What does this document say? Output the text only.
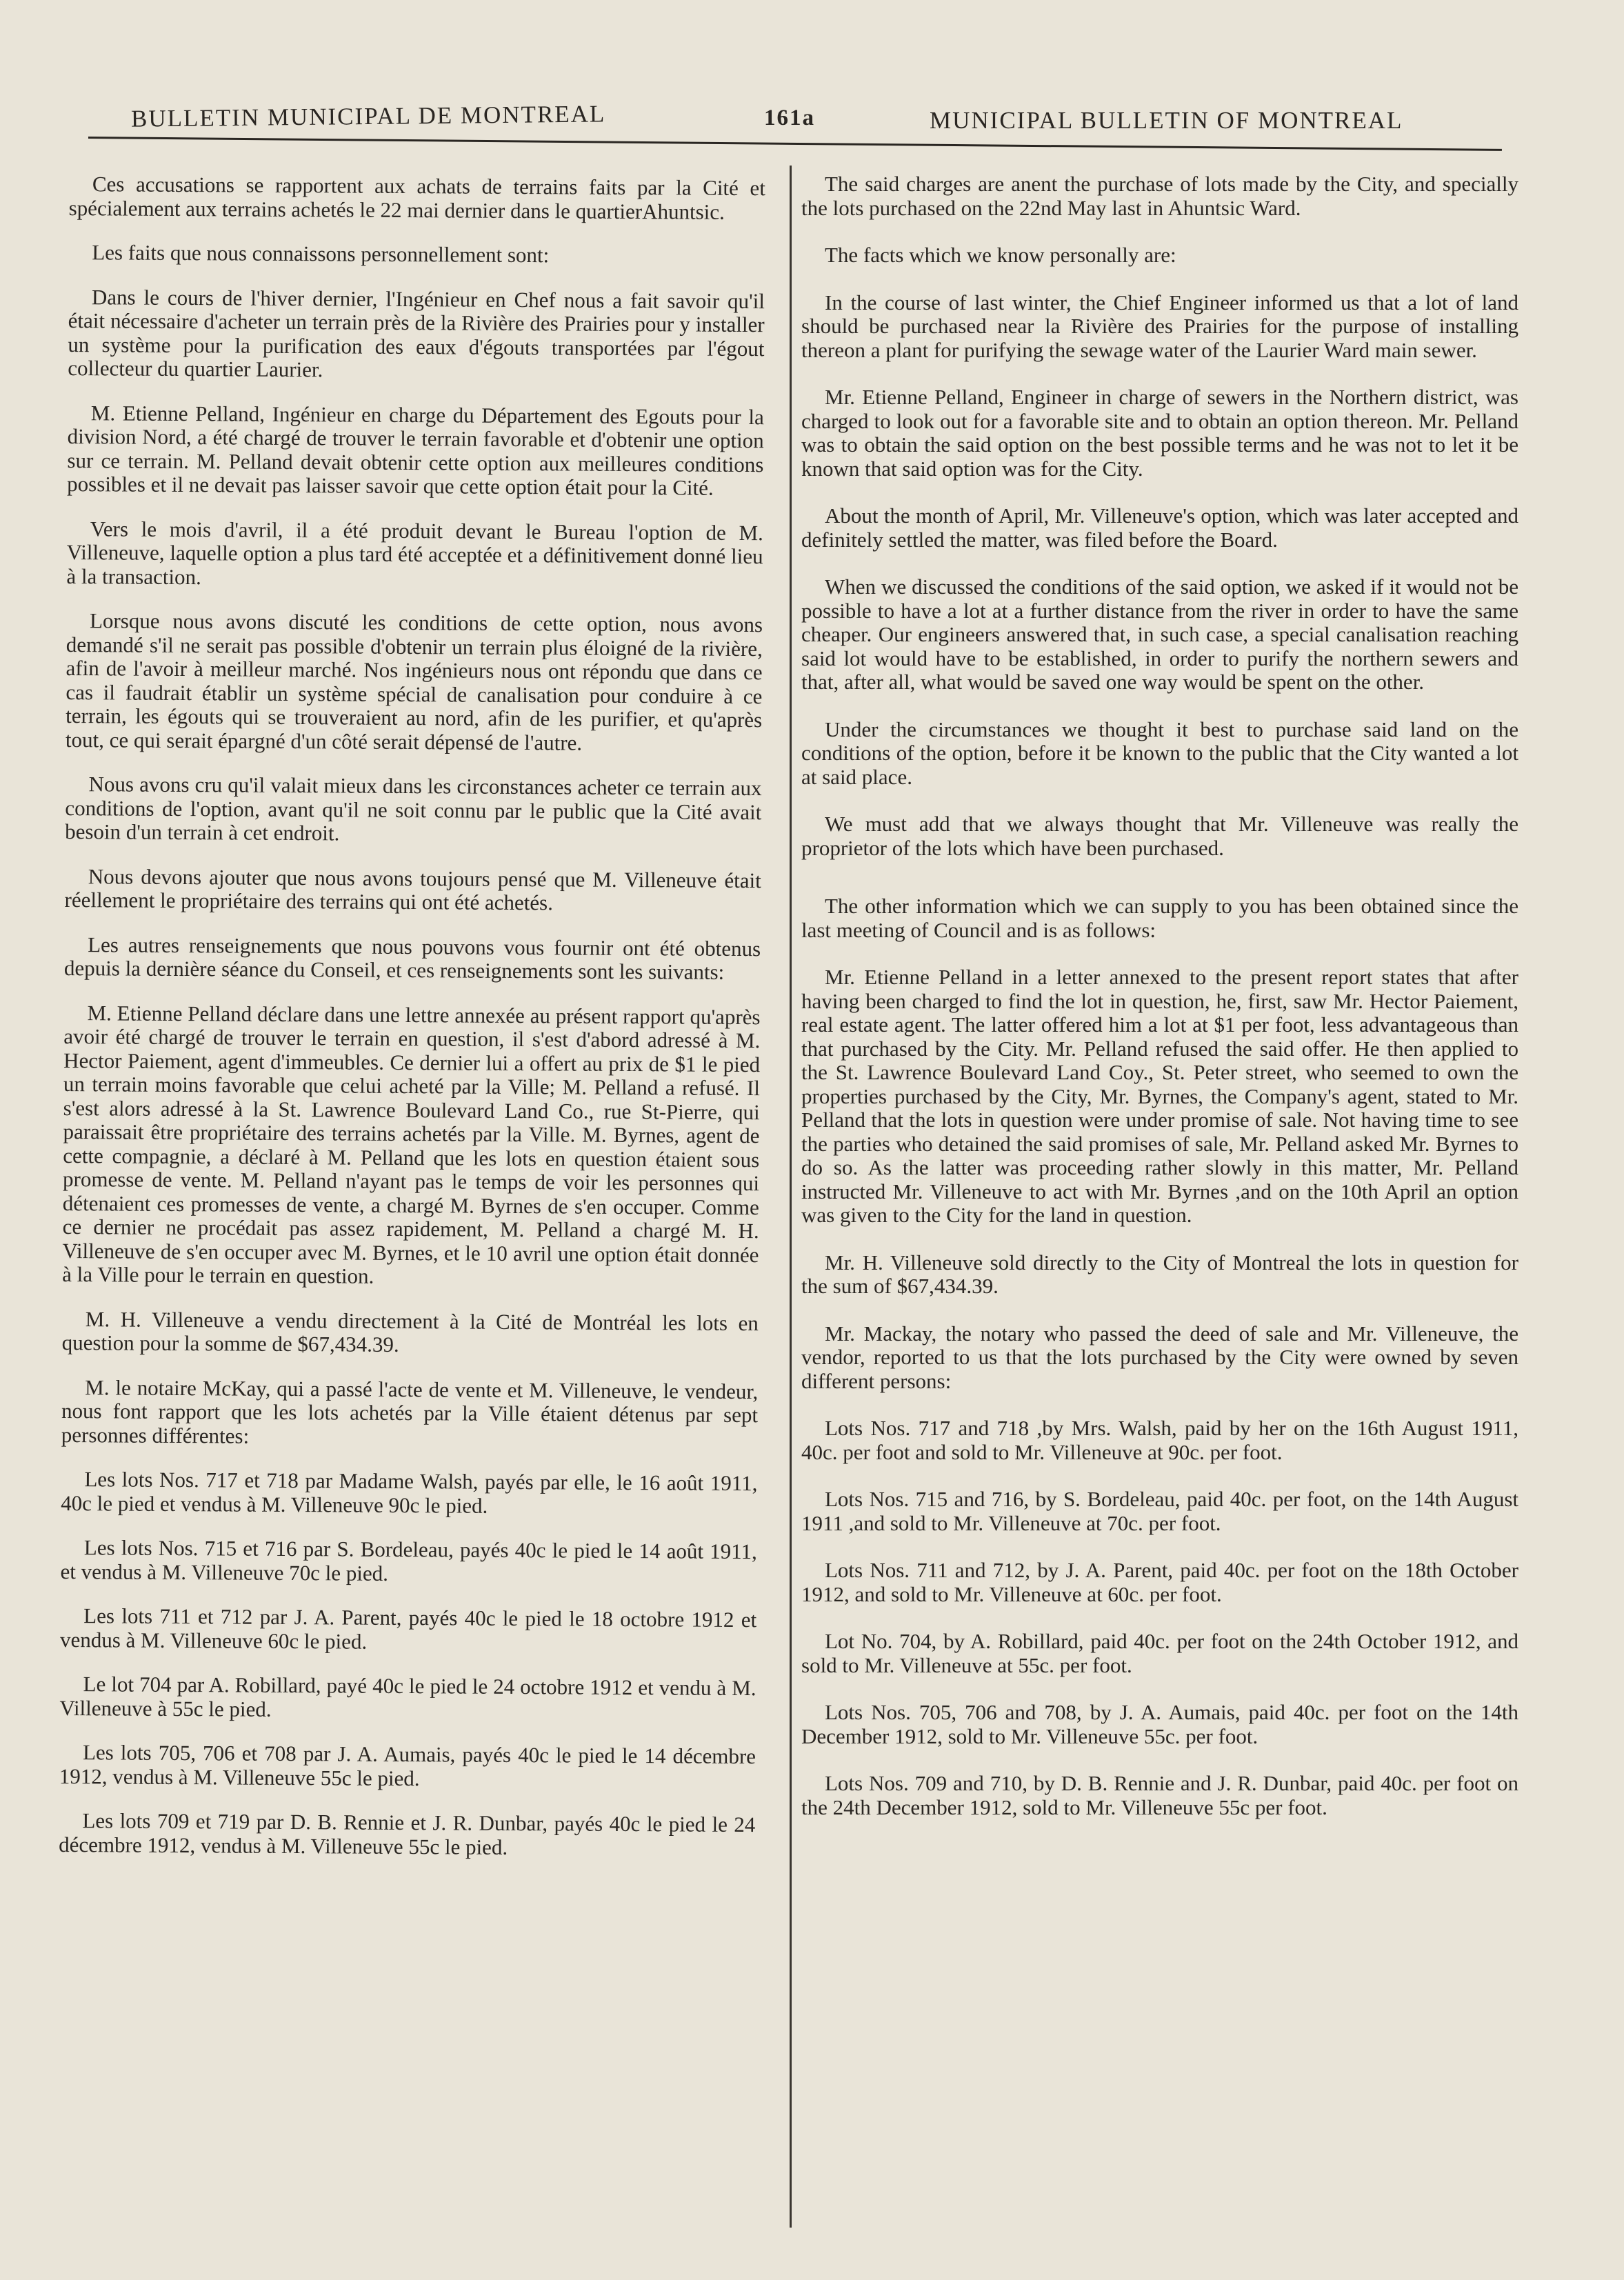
BULLETIN MUNICIPAL DE MONTREAL	161a	MUNICIPAL BULLETIN OF MONTREAL

Ces accusations se rapportent aux achats de terrains faits par la Cité et spécialement aux terrains achetés le 22 mai dernier dans le quartierAhuntsic.

Les faits que nous connaissons personnellement sont:

Dans le cours de l'hiver dernier, l'Ingénieur en Chef nous a fait savoir qu'il était nécessaire d'acheter un terrain près de la Rivière des Prairies pour y installer un système pour la purification des eaux d'égouts transportées par l'égout collecteur du quartier Laurier.

M. Etienne Pelland, Ingénieur en charge du Département des Egouts pour la division Nord, a été chargé de trouver le terrain favorable et d'obtenir une option sur ce terrain. M. Pelland devait obtenir cette option aux meilleures conditions possibles et il ne devait pas laisser savoir que cette option était pour la Cité.

Vers le mois d'avril, il a été produit devant le Bureau l'option de M. Villeneuve, laquelle option a plus tard été acceptée et a définitivement donné lieu à la transaction.

Lorsque nous avons discuté les conditions de cette option, nous avons demandé s'il ne serait pas possible d'obtenir un terrain plus éloigné de la rivière, afin de l'avoir à meilleur marché. Nos ingénieurs nous ont répondu que dans ce cas il faudrait établir un système spécial de canalisation pour conduire à ce terrain, les égouts qui se trouveraient au nord, afin de les purifier, et qu'après tout, ce qui serait épargné d'un côté serait dépensé de l'autre.

Nous avons cru qu'il valait mieux dans les circonstances acheter ce terrain aux conditions de l'option, avant qu'il ne soit connu par le public que la Cité avait besoin d'un terrain à cet endroit.

Nous devons ajouter que nous avons toujours pensé que M. Villeneuve était réellement le propriétaire des terrains qui ont été achetés.

Les autres renseignements que nous pouvons vous fournir ont été obtenus depuis la dernière séance du Conseil, et ces renseignements sont les suivants:

M. Etienne Pelland déclare dans une lettre annexée au présent rapport qu'après avoir été chargé de trouver le terrain en question, il s'est d'abord adressé à M. Hector Paiement, agent d'immeubles. Ce dernier lui a offert au prix de $1 le pied un terrain moins favorable que celui acheté par la Ville; M. Pelland a refusé. Il s'est alors adressé à la St. Lawrence Boulevard Land Co., rue St-Pierre, qui paraissait être propriétaire des terrains achetés par la Ville. M. Byrnes, agent de cette compagnie, a déclaré à M. Pelland que les lots en question étaient sous promesse de vente. M. Pelland n'ayant pas le temps de voir les personnes qui détenaient ces promesses de vente, a chargé M. Byrnes de s'en occuper. Comme ce dernier ne procédait pas assez rapidement, M. Pelland a chargé M. H. Villeneuve de s'en occuper avec M. Byrnes, et le 10 avril une option était donnée à la Ville pour le terrain en question.

M. H. Villeneuve a vendu directement à la Cité de Montréal les lots en question pour la somme de $67,434.39.

M. le notaire McKay, qui a passé l'acte de vente et M. Villeneuve, le vendeur, nous font rapport que les lots achetés par la Ville étaient détenus par sept personnes différentes:

Les lots Nos. 717 et 718 par Madame Walsh, payés par elle, le 16 août 1911, 40c le pied et vendus à M. Villeneuve 90c le pied.

Les lots Nos. 715 et 716 par S. Bordeleau, payés 40c le pied le 14 août 1911, et vendus à M. Villeneuve 70c le pied.

Les lots 711 et 712 par J. A. Parent, payés 40c le pied le 18 octobre 1912 et vendus à M. Villeneuve 60c le pied.

Le lot 704 par A. Robillard, payé 40c le pied le 24 octobre 1912 et vendu à M. Villeneuve à 55c le pied.

Les lots 705, 706 et 708 par J. A. Aumais, payés 40c le pied le 14 décembre 1912, vendus à M. Villeneuve 55c le pied.

Les lots 709 et 719 par D. B. Rennie et J. R. Dunbar, payés 40c le pied le 24 décembre 1912, vendus à M. Villeneuve 55c le pied.

The said charges are anent the purchase of lots made by the City, and specially the lots purchased on the 22nd May last in Ahuntsic Ward.

The facts which we know personally are:

In the course of last winter, the Chief Engineer informed us that a lot of land should be purchased near la Rivière des Prairies for the purpose of installing thereon a plant for purifying the sewage water of the Laurier Ward main sewer.

Mr. Etienne Pelland, Engineer in charge of sewers in the Northern district, was charged to look out for a favorable site and to obtain an option thereon. Mr. Pelland was to obtain the said option on the best possible terms and he was not to let it be known that said option was for the City.

About the month of April, Mr. Villeneuve's option, which was later accepted and definitely settled the matter, was filed before the Board.

When we discussed the conditions of the said option, we asked if it would not be possible to have a lot at a further distance from the river in order to have the same cheaper. Our engineers answered that, in such case, a special canalisation reaching said lot would have to be established, in order to purify the northern sewers and that, after all, what would be saved one way would be spent on the other.

Under the circumstances we thought it best to purchase said land on the conditions of the option, before it be known to the public that the City wanted a lot at said place.

We must add that we always thought that Mr. Villeneuve was really the proprietor of the lots which have been purchased.

The other information which we can supply to you has been obtained since the last meeting of Council and is as follows:

Mr. Etienne Pelland in a letter annexed to the present report states that after having been charged to find the lot in question, he, first, saw Mr. Hector Paiement, real estate agent. The latter offered him a lot at $1 per foot, less advantageous than that purchased by the City. Mr. Pelland refused the said offer. He then applied to the St. Lawrence Boulevard Land Coy., St. Peter street, who seemed to own the properties purchased by the City, Mr. Byrnes, the Company's agent, stated to Mr. Pelland that the lots in question were under promise of sale. Not having time to see the parties who detained the said promises of sale, Mr. Pelland asked Mr. Byrnes to do so. As the latter was proceeding rather slowly in this matter, Mr. Pelland instructed Mr. Villeneuve to act with Mr. Byrnes ,and on the 10th April an option was given to the City for the land in question.

Mr. H. Villeneuve sold directly to the City of Montreal the lots in question for the sum of $67,434.39.

Mr. Mackay, the notary who passed the deed of sale and Mr. Villeneuve, the vendor, reported to us that the lots purchased by the City were owned by seven different persons:

Lots Nos. 717 and 718 ,by Mrs. Walsh, paid by her on the 16th August 1911, 40c. per foot and sold to Mr. Villeneuve at 90c. per foot.

Lots Nos. 715 and 716, by S. Bordeleau, paid 40c. per foot, on the 14th August 1911 ,and sold to Mr. Villeneuve at 70c. per foot.

Lots Nos. 711 and 712, by J. A. Parent, paid 40c. per foot on the 18th October 1912, and sold to Mr. Villeneuve at 60c. per foot.

Lot No. 704, by A. Robillard, paid 40c. per foot on the 24th October 1912, and sold to Mr. Villeneuve at 55c. per foot.

Lots Nos. 705, 706 and 708, by J. A. Aumais, paid 40c. per foot on the 14th December 1912, sold to Mr. Villeneuve 55c. per foot.

Lots Nos. 709 and 710, by D. B. Rennie and J. R. Dunbar, paid 40c. per foot on the 24th December 1912, sold to Mr. Villeneuve 55c per foot.
